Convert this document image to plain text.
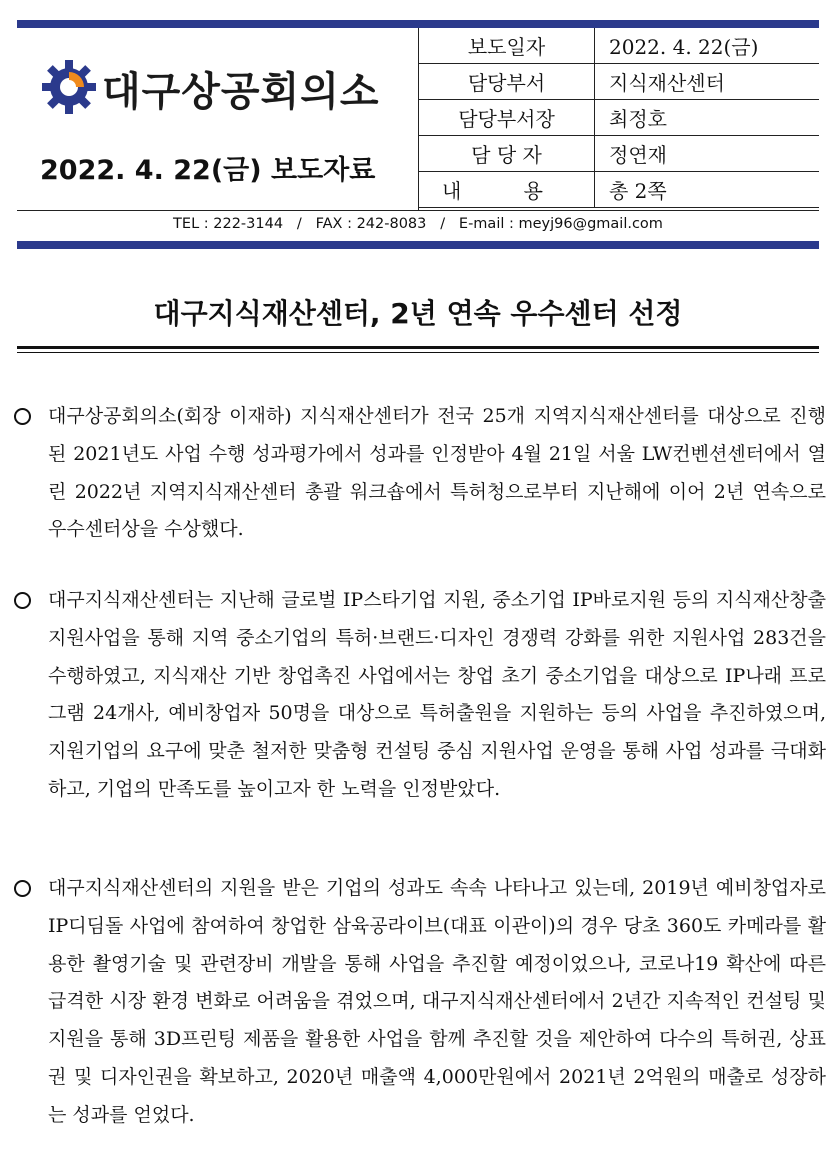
대구상공회의소
2022. 4. 22(금) 보도자료
보도일자	2022. 4. 22(금)
담당부서	지식재산센터
담당부서장	최정호
담 당 자	정연재
내 용	총 2쪽
TEL : 222-3144   /   FAX : 242-8083   /   E-mail : meyj96@gmail.com
대구지식재산센터, 2년 연속 우수센터 선정

대구상공회의소(회장 이재하) 지식재산센터가 전국 25개 지역지식재산센터를 대상으로 진행된 2021년도 사업 수행 성과평가에서 성과를 인정받아 4월 21일 서울 LW컨벤션센터에서 열린 2022년 지역지식재산센터 총괄 워크숍에서 특허청으로부터 지난해에 이어 2년 연속으로 우수센터상을 수상했다.

대구지식재산센터는 지난해 글로벌 IP스타기업 지원, 중소기업 IP바로지원 등의 지식재산창출지원사업을 통해 지역 중소기업의 특허·브랜드·디자인 경쟁력 강화를 위한 지원사업 283건을 수행하였고, 지식재산 기반 창업촉진 사업에서는 창업 초기 중소기업을 대상으로 IP나래 프로그램 24개사, 예비창업자 50명을 대상으로 특허출원을 지원하는 등의 사업을 추진하였으며, 지원기업의 요구에 맞춘 철저한 맞춤형 컨설팅 중심 지원사업 운영을 통해 사업 성과를 극대화하고, 기업의 만족도를 높이고자 한 노력을 인정받았다.

대구지식재산센터의 지원을 받은 기업의 성과도 속속 나타나고 있는데, 2019년 예비창업자로 IP디딤돌 사업에 참여하여 창업한 삼육공라이브(대표 이관이)의 경우 당초 360도 카메라를 활용한 촬영기술 및 관련장비 개발을 통해 사업을 추진할 예정이었으나, 코로나19 확산에 따른 급격한 시장 환경 변화로 어려움을 겪었으며, 대구지식재산센터에서 2년간 지속적인 컨설팅 및 지원을 통해 3D프린팅 제품을 활용한 사업을 함께 추진할 것을 제안하여 다수의 특허권, 상표권 및 디자인권을 확보하고, 2020년 매출액 4,000만원에서 2021년 2억원의 매출로 성장하는 성과를 얻었다.
